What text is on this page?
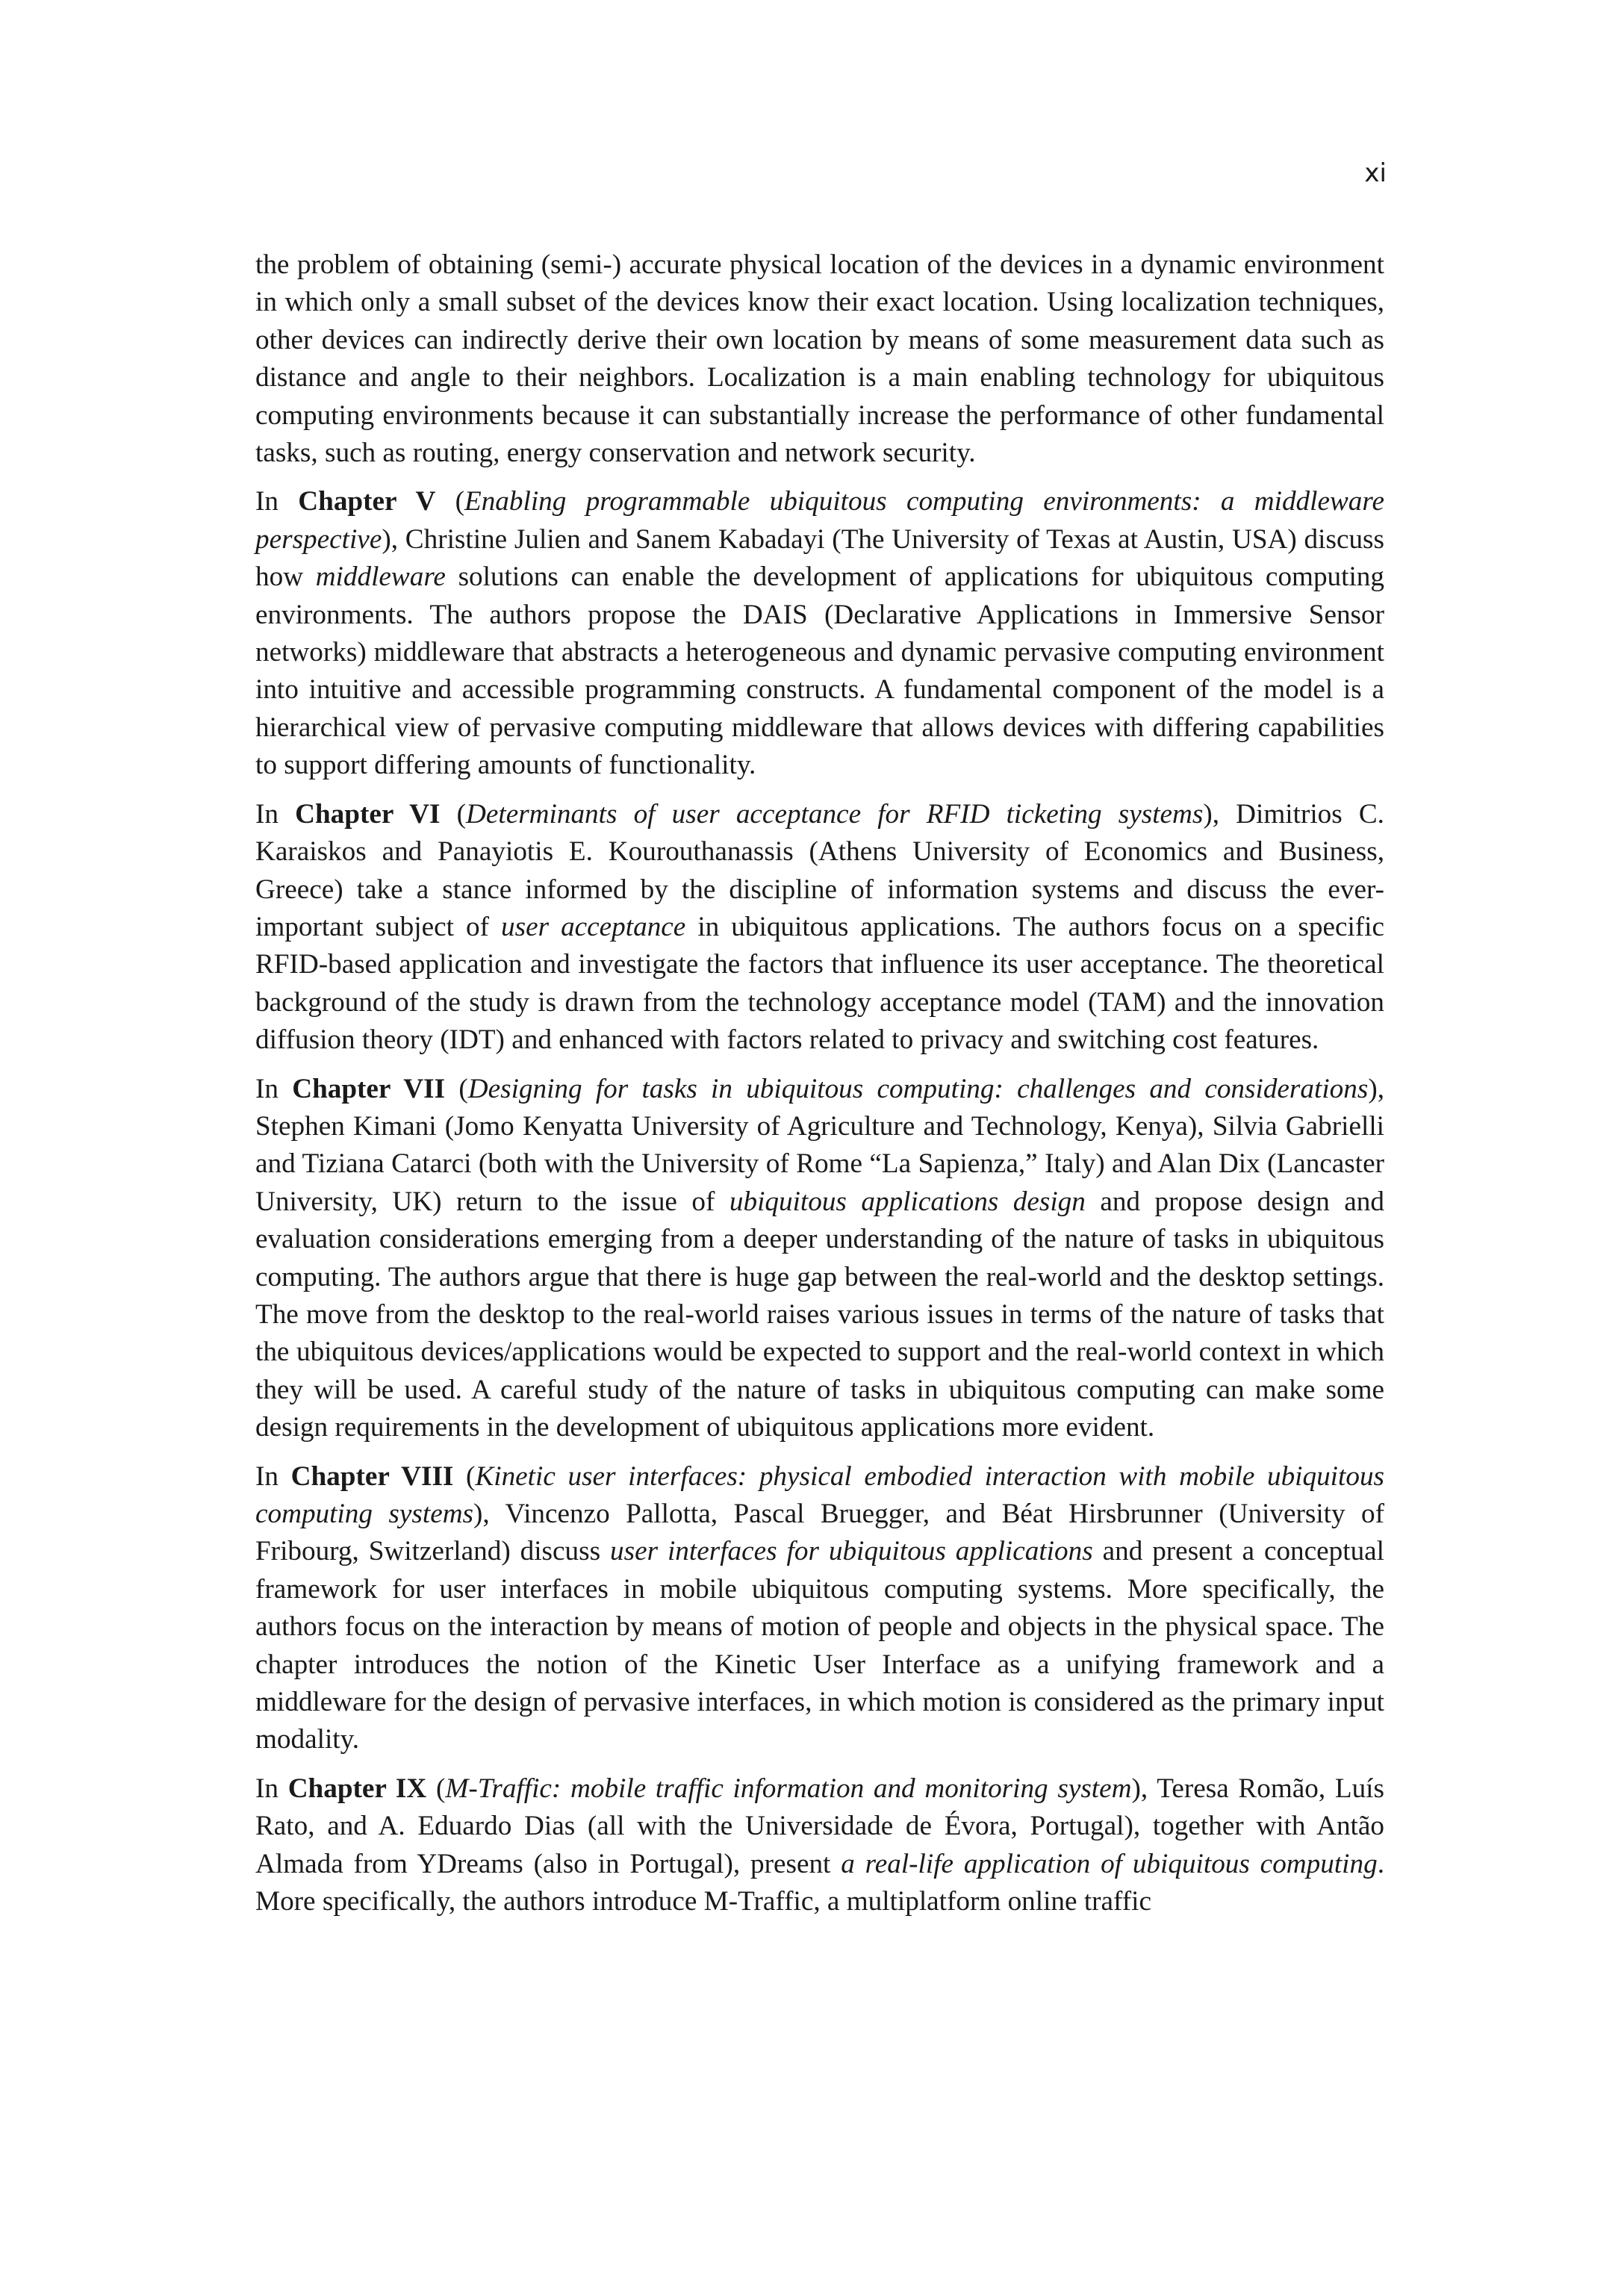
xi

the problem of obtaining (semi-) accurate physical location of the devices in a dynamic environment in which only a small subset of the devices know their exact location. Using localization techniques, other devices can indirectly derive their own location by means of some measurement data such as distance and angle to their neighbors. Localization is a main enabling technology for ubiquitous computing environments because it can substantially increase the performance of other fundamental tasks, such as routing, energy conservation and network security.

In Chapter V (Enabling programmable ubiquitous computing environments: a middleware perspective), Christine Julien and Sanem Kabadayi (The University of Texas at Austin, USA) discuss how middleware solutions can enable the development of applications for ubiquitous computing environments. The authors propose the DAIS (Declarative Applications in Immersive Sensor networks) middleware that abstracts a heterogeneous and dynamic pervasive computing environment into intuitive and accessible programming constructs. A fundamental component of the model is a hierarchical view of pervasive computing middleware that allows devices with differing capabilities to support differing amounts of functionality.

In Chapter VI (Determinants of user acceptance for RFID ticketing systems), Dimitrios C. Karaiskos and Panayiotis E. Kourouthanassis (Athens University of Economics and Business, Greece) take a stance informed by the discipline of information systems and discuss the ever-important subject of user acceptance in ubiquitous applications. The authors focus on a specific RFID-based application and investigate the factors that influence its user acceptance. The theoretical background of the study is drawn from the technology acceptance model (TAM) and the innovation diffusion theory (IDT) and enhanced with factors related to privacy and switching cost features.

In Chapter VII (Designing for tasks in ubiquitous computing: challenges and considerations), Stephen Kimani (Jomo Kenyatta University of Agriculture and Technology, Kenya), Silvia Gabrielli and Tiziana Catarci (both with the University of Rome “La Sapienza,” Italy) and Alan Dix (Lancaster University, UK) return to the issue of ubiquitous applications design and propose design and evaluation considerations emerging from a deeper understanding of the nature of tasks in ubiquitous computing. The authors argue that there is huge gap between the real-world and the desktop settings. The move from the desktop to the real-world raises various issues in terms of the nature of tasks that the ubiquitous devices/applications would be expected to support and the real-world context in which they will be used. A careful study of the nature of tasks in ubiquitous computing can make some design requirements in the development of ubiquitous applications more evident.

In Chapter VIII (Kinetic user interfaces: physical embodied interaction with mobile ubiquitous computing systems), Vincenzo Pallotta, Pascal Bruegger, and Béat Hirsbrunner (University of Fribourg, Switzerland) discuss user interfaces for ubiquitous applications and present a conceptual framework for user interfaces in mobile ubiquitous computing systems. More specifically, the authors focus on the interaction by means of motion of people and objects in the physical space. The chapter introduces the notion of the Kinetic User Interface as a unifying framework and a middleware for the design of pervasive interfaces, in which motion is considered as the primary input modality.

In Chapter IX (M-Traffic: mobile traffic information and monitoring system), Teresa Romão, Luís Rato, and A. Eduardo Dias (all with the Universidade de Évora, Portugal), together with Antão Almada from YDreams (also in Portugal), present a real-life application of ubiquitous computing. More specifically, the authors introduce M-Traffic, a multiplatform online traffic
